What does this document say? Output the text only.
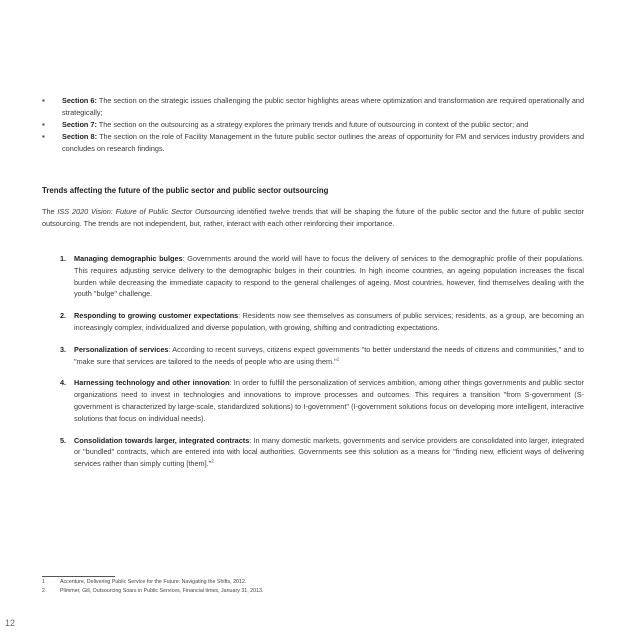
▪ Section 6: The section on the strategic issues challenging the public sector highlights areas where optimization and transformation are required operationally and strategically;
▪ Section 7: The section on the outsourcing as a strategy explores the primary trends and future of outsourcing in context of the public sector; and
▪ Section 8: The section on the role of Facility Management in the future public sector outlines the areas of opportunity for FM and services industry providers and concludes on research findings.
Trends affecting the future of the public sector and public sector outsourcing

The ISS 2020 Vision: Future of Public Sector Outsourcing identified twelve trends that will be shaping the future of the public sector and the future of public sector outsourcing. The trends are not independent, but, rather, interact with each other reinforcing their importance.

1. Managing demographic bulges: Governments around the world will have to focus the delivery of services to the demographic profile of their populations. This requires adjusting service delivery to the demographic bulges in their countries. In high income countries, an ageing population increases the fiscal burden while decreasing the immediate capacity to respond to the general challenges of ageing. Most countries, however, find themselves dealing with the youth "bulge" challenge.
2. Responding to growing customer expectations: Residents now see themselves as consumers of public services; residents, as a group, are becoming an increasingly complex, individualized and diverse population, with growing, shifting and contradicting expectations.
3. Personalization of services: According to recent surveys, citizens expect governments "to better understand the needs of citizens and communities," and to "make sure that services are tailored to the needs of people who are using them."$^1$
4. Harnessing technology and other innovation: In order to fulfill the personalization of services ambition, among other things governments and public sector organizations need to invest in technologies and innovations to improve processes and outcomes. This requires a transition "from S-government (S-government is characterized by large-scale, standardized solutions) to I-government" (I-government solutions focus on developing more intelligent, interactive solutions that focus on individual needs).
5. Consolidation towards larger, integrated contracts: In many domestic markets, governments and service providers are consolidated into larger, integrated or "bundled" contracts, which are entered into with local authorities. Governments see this solution as a means for "finding new, efficient ways of delivering services rather than simply cutting [them]."$^2$
1	Accenture, Delivering Public Service for the Future: Navigating the Shifts, 2012.
2	Plimmer, Gill, Outsourcing Soars in Public Services, Financial times, January 31, 2013.
12
